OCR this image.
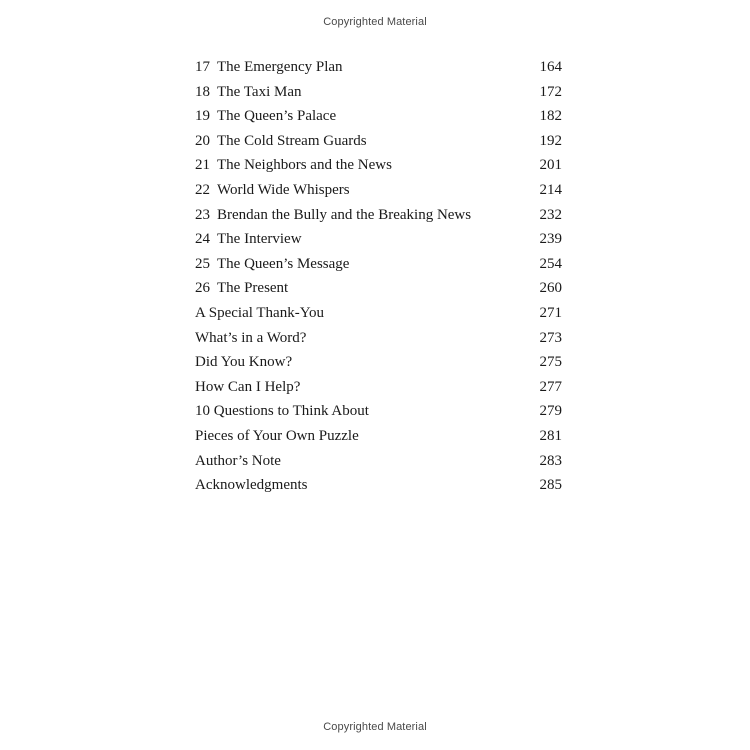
Copyrighted Material
17 The Emergency Plan	164
18 The Taxi Man	172
19 The Queen’s Palace	182
20 The Cold Stream Guards	192
21 The Neighbors and the News	201
22 World Wide Whispers	214
23 Brendan the Bully and the Breaking News	232
24 The Interview	239
25 The Queen’s Message	254
26 The Present	260
A Special Thank-You	271
What’s in a Word?	273
Did You Know?	275
How Can I Help?	277
10 Questions to Think About	279
Pieces of Your Own Puzzle	281
Author’s Note	283
Acknowledgments	285
Copyrighted Material
